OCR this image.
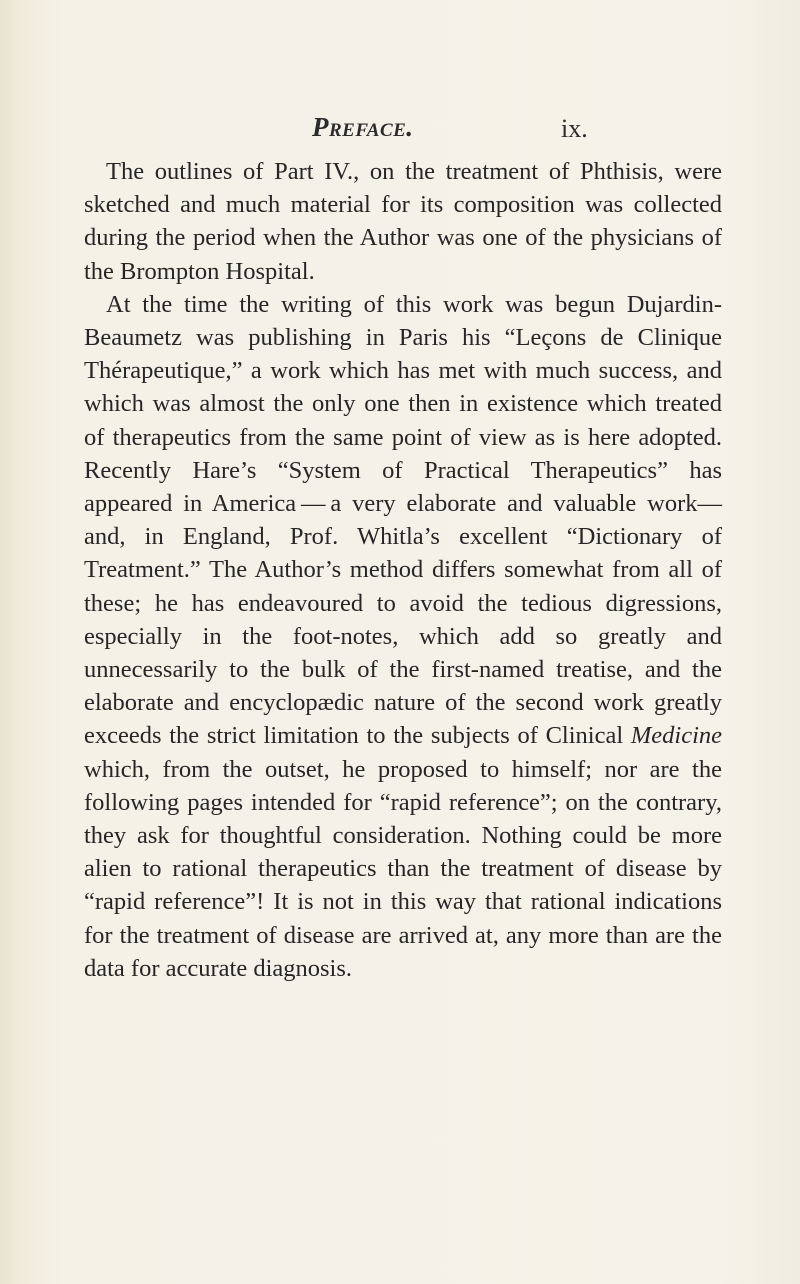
Preface.	ix.

The outlines of Part IV., on the treatment of Phthisis, were sketched and much material for its composition was collected during the period when the Author was one of the physicians of the Brompton Hospital.

At the time the writing of this work was begun Dujardin-Beaumetz was publishing in Paris his “Leçons de Clinique Thérapeutique,” a work which has met with much success, and which was almost the only one then in existence which treated of therapeutics from the same point of view as is here adopted. Recently Hare’s “System of Practical Therapeutics” has appeared in America — a very elaborate and valuable work—and, in England, Prof. Whitla’s excellent “Dictionary of Treatment.” The Author’s method differs somewhat from all of these; he has endeavoured to avoid the tedious digressions, especially in the foot-notes, which add so greatly and unnecessarily to the bulk of the first-named treatise, and the elaborate and encyclopædic nature of the second work greatly exceeds the strict limitation to the subjects of Clinical Medicine which, from the outset, he proposed to himself; nor are the following pages intended for “rapid reference”; on the contrary, they ask for thoughtful consideration. Nothing could be more alien to rational therapeutics than the treatment of disease by “rapid reference”! It is not in this way that rational indications for the treatment of disease are arrived at, any more than are the data for accurate diagnosis.
